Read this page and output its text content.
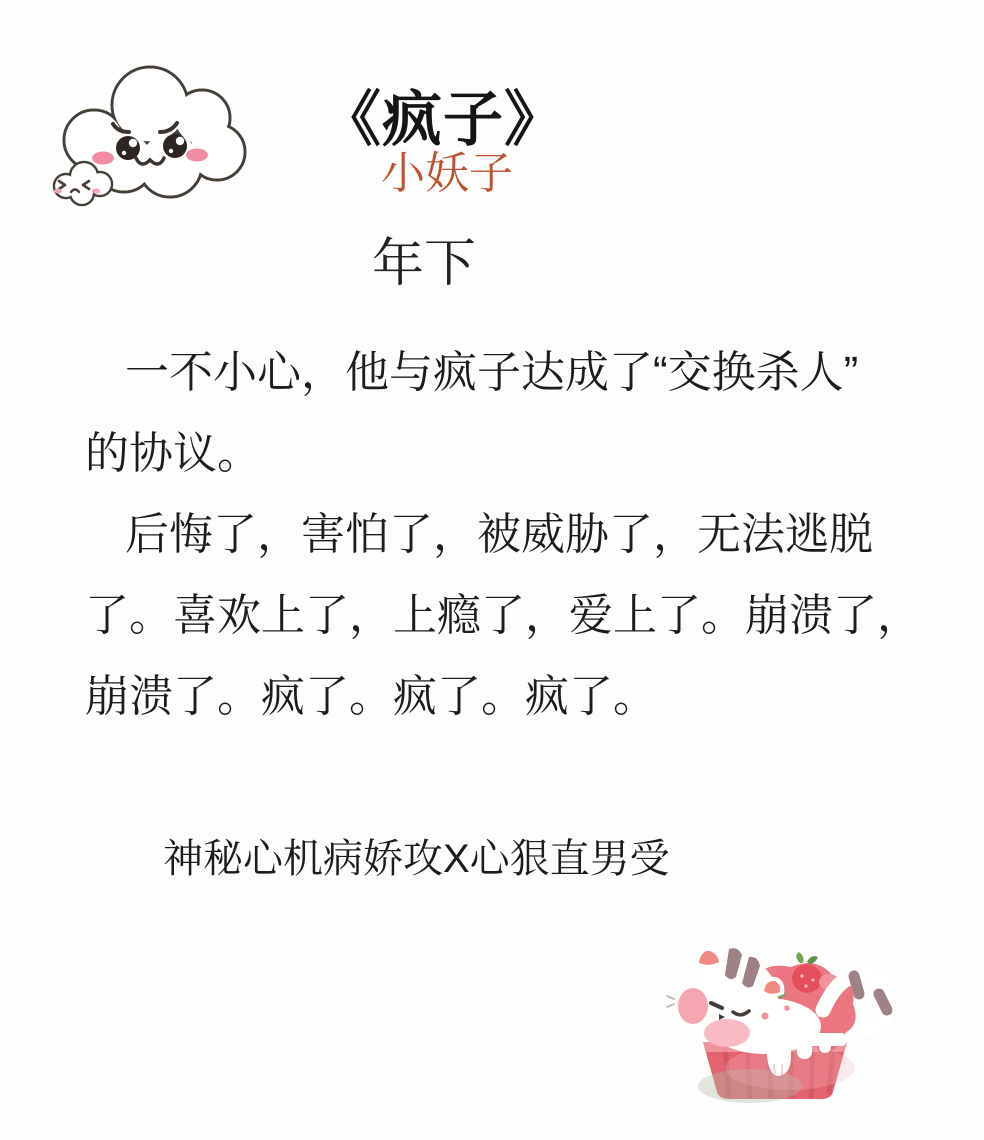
《疯子》
小妖子
年下
一不小心，他与疯子达成了“交换杀人”
的协议。
后悔了，害怕了，被威胁了，无法逃脱
了。喜欢上了，上瘾了，爱上了。崩溃了，
崩溃了。疯了。疯了。疯了。
神秘心机病娇攻X心狠直男受
